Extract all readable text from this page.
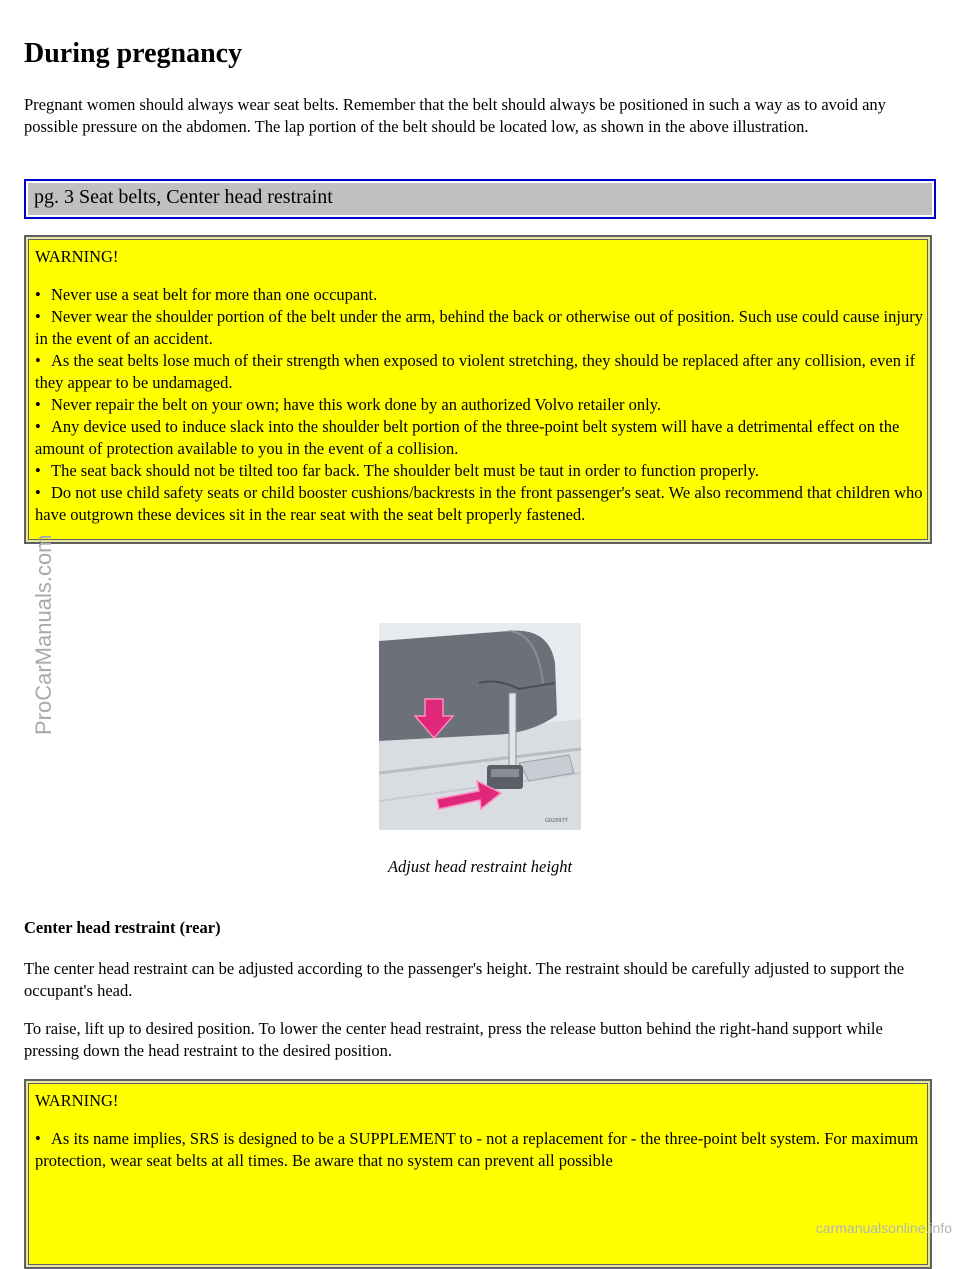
During pregnancy

Pregnant women should always wear seat belts. Remember that the belt should always be positioned in such a way as to avoid any possible pressure on the abdomen. The lap portion of the belt should be located low, as shown in the above illustration.

pg. 3 Seat belts, Center head restraint
WARNING!
• Never use a seat belt for more than one occupant.
• Never wear the shoulder portion of the belt under the arm, behind the back or otherwise out of position. Such use could cause injury in the event of an accident.
• As the seat belts lose much of their strength when exposed to violent stretching, they should be replaced after any collision, even if they appear to be undamaged.
• Never repair the belt on your own; have this work done by an authorized Volvo retailer only.
• Any device used to induce slack into the shoulder belt portion of the three-point belt system will have a detrimental effect on the amount of protection available to you in the event of a collision.
• The seat back should not be tilted too far back. The shoulder belt must be taut in order to function properly.
• Do not use child safety seats or child booster cushions/backrests in the front passenger's seat. We also recommend that children who have outgrown these devices sit in the rear seat with the seat belt properly fastened.
G020977
Adjust head restraint height

Center head restraint (rear)

The center head restraint can be adjusted according to the passenger's height. The restraint should be carefully adjusted to support the occupant's head.

To raise, lift up to desired position. To lower the center head restraint, press the release button behind the right-hand support while pressing down the head restraint to the desired position.

WARNING!
• As its name implies, SRS is designed to be a SUPPLEMENT to - not a replacement for - the three-point belt system. For maximum protection, wear seat belts at all times. Be aware that no system can prevent all possible
ProCarManuals.com
carmanualsonline.info
